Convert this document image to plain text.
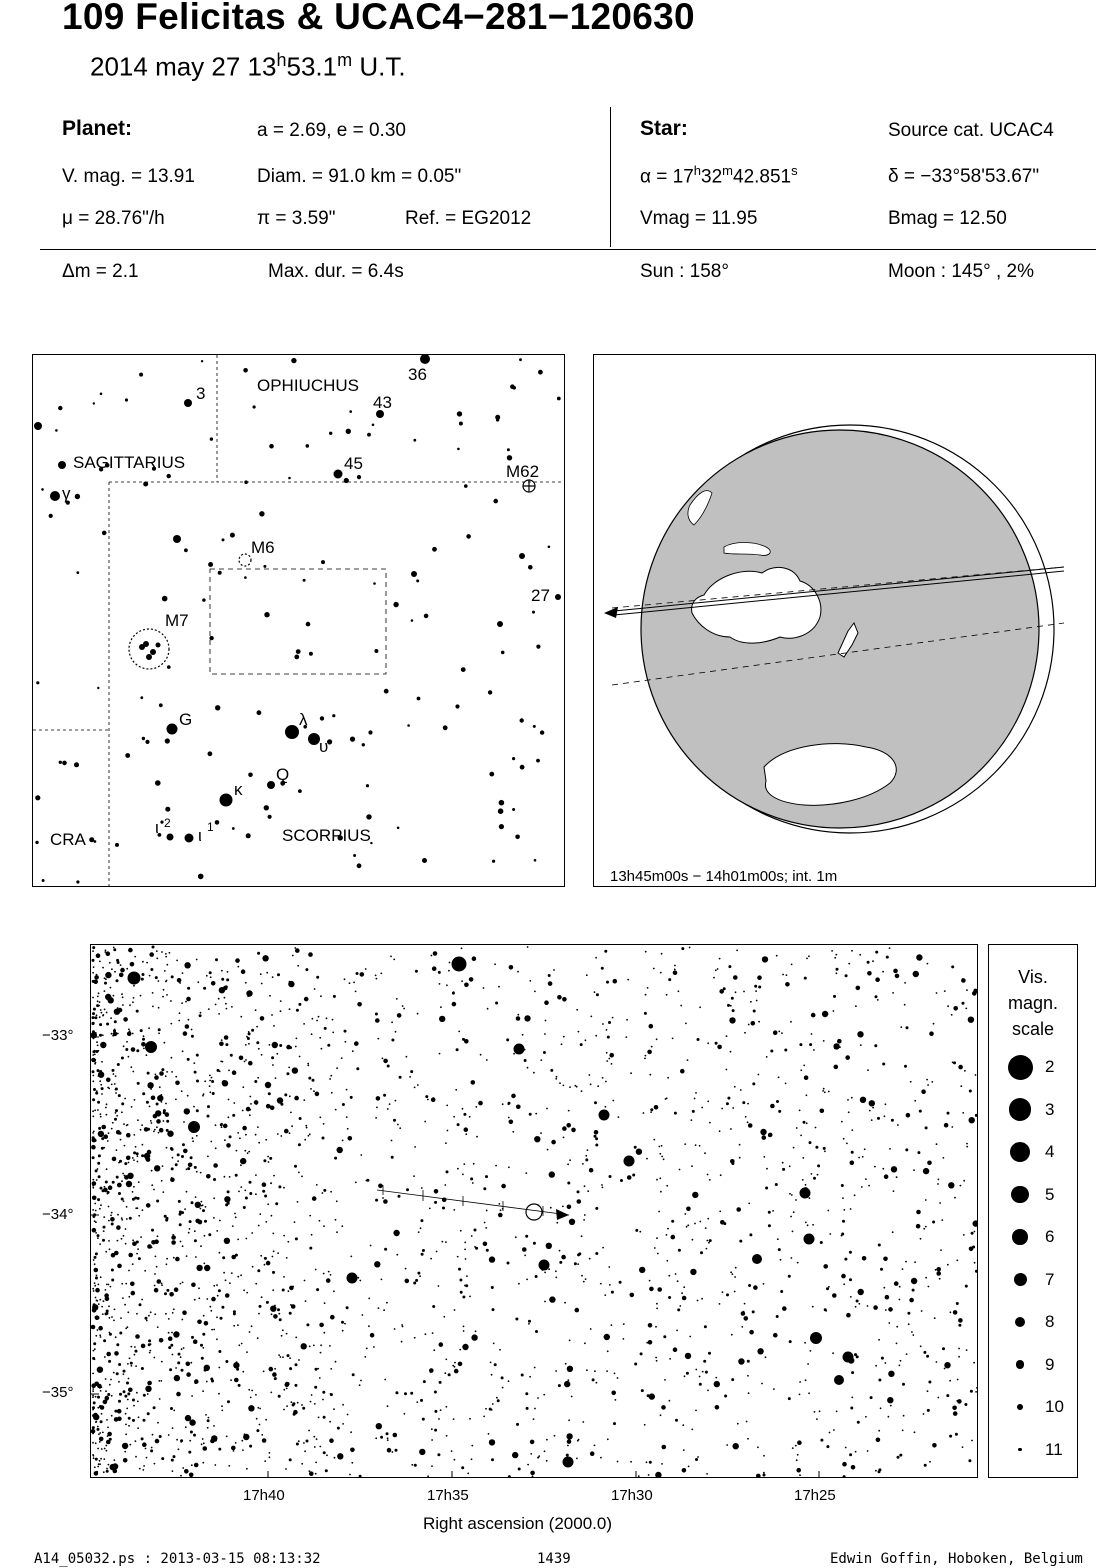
109 Felicitas & UCAC4−281−120630
2014 may 27 13$^h$53.1$^m$ U.T.
Planet:	a = 2.69, e = 0.30
V. mag. = 13.91	Diam. = 91.0 km = 0.05"
μ = 28.76"/h	π = 3.59"	Ref. = EG2012
Star:	Source cat. UCAC4
$\alpha = 17^h32^m42.851^s$	δ = −33°58'53.67"
Vmag = 11.95	Bmag = 12.50
Δm = 2.1	Max. dur. = 6.4s	Sun : 158°	Moon : 145° , 2%
OPHIUCHUS
SAGITTARIUS
SCORPIUS
CRA
M6
M7
M62
3
36
43
45
27
G
Q
λ
υ
κ
γ
ι 2
ι 1
13h45m00s − 14h01m00s; int. 1m
−33°
−34°
−35°
17h40	17h35	17h30	17h25
Right ascension (2000.0)
Vis.
magn.
scale
2
3
4
5
6
7
8
9
10
11
A14_05032.ps : 2013-03-15 08:13:32	1439	Edwin Goffin, Hoboken, Belgium
